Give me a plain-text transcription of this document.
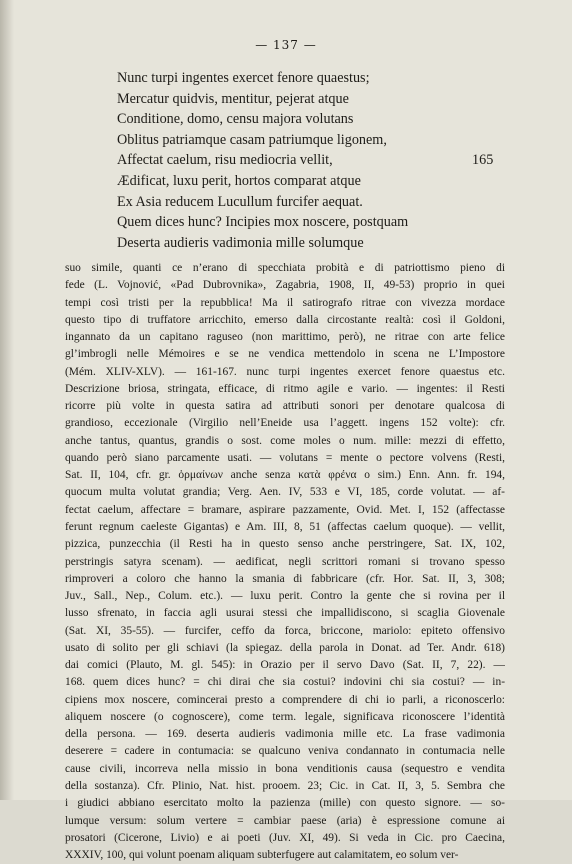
— 137 —
Nunc turpi ingentes exercet fenore quaestus;
Mercatur quidvis, mentitur, pejerat atque
Conditione, domo, censu majora volutans
Oblitus patriamque casam patriumque ligonem,
Affectat caelum, risu mediocria vellit,	165
Ædificat, luxu perit, hortos comparat atque
Ex Asia reducem Lucullum furcifer aequat.
Quem dices hunc? Incipies mox noscere, postquam
Deserta audieris vadimonia mille solumque
suo simile, quanti ce n’erano di specchiata probità e di patriottismo pieno di
fede (L. Vojnović, «Pad Dubrovnika», Zagabria, 1908, II, 49-53) proprio in quei
tempi così tristi per la repubblica! Ma il satirografo ritrae con vivezza mordace
questo tipo di truffatore arricchito, emerso dalla circostante realtà: così il Goldoni,
ingannato da un capitano raguseo (non marittimo, però), ne ritrae con arte felice
gl’imbrogli nelle Mémoires e se ne vendica mettendolo in scena ne L’Impostore
(Mém. XLIV-XLV). — 161-167. nunc turpi ingentes exercet fenore quaestus etc.
Descrizione briosa, stringata, efficace, di ritmo agile e vario. — ingentes: il Resti
ricorre più volte in questa satira ad attributi sonori per denotare qualcosa di
grandioso, eccezionale (Virgilio nell’Eneide usa l’aggett. ingens 152 volte): cfr.
anche tantus, quantus, grandis o sost. come moles o num. mille: mezzi di effetto,
quando però siano parcamente usati. — volutans = mente o pectore volvens (Resti,
Sat. II, 104, cfr. gr. ὁρμαίνων anche senza κατὰ φρένα o sim.) Enn. Ann. fr. 194,
quocum multa volutat grandia; Verg. Aen. IV, 533 e VI, 185, corde volutat. — af-
fectat caelum, affectare = bramare, aspirare pazzamente, Ovid. Met. I, 152 (affectasse
ferunt regnum caeleste Gigantas) e Am. III, 8, 51 (affectas caelum quoque). — vellit,
pizzica, punzecchia (il Resti ha in questo senso anche perstringere, Sat. IX, 102,
perstringis satyra scenam). — aedificat, negli scrittori romani si trovano spesso
rimproveri a coloro che hanno la smania di fabbricare (cfr. Hor. Sat. II, 3, 308;
Juv., Sall., Nep., Colum. etc.). — luxu perit. Contro la gente che si rovina per il
lusso sfrenato, in faccia agli usurai stessi che impallidiscono, si scaglia Giovenale
(Sat. XI, 35-55). — furcifer, ceffo da forca, briccone, mariolo: epiteto offensivo
usato di solito per gli schiavi (la spiegaz. della parola in Donat. ad Ter. Andr. 618)
dai comici (Plauto, M. gl. 545): in Orazio per il servo Davo (Sat. II, 7, 22). —
168. quem dices hunc? = chi dirai che sia costui? indovini chi sia costui? — in-
cipiens mox noscere, comincerai presto a comprendere di chi io parli, a riconoscerlo:
aliquem noscere (o cognoscere), come term. legale, significava riconoscere l’identità
della persona. — 169. deserta audieris vadimonia mille etc. La frase vadimonia
deserere = cadere in contumacia: se qualcuno veniva condannato in contumacia nelle
cause civili, incorreva nella missio in bona venditionis causa (sequestro e vendita
della sostanza). Cfr. Plinio, Nat. hist. prooem. 23; Cic. in Cat. II, 3, 5. Sembra che
i giudici abbiano esercitato molto la pazienza (mille) con questo signore. — so-
lumque versum: solum vertere = cambiar paese (aria) è espressione comune ai
prosatori (Cicerone, Livio) e ai poeti (Juv. XI, 49). Si veda in Cic. pro Caecina,
XXXIV, 100, qui volunt poenam aliquam subterfugere aut calamitatem, eo solum ver-
